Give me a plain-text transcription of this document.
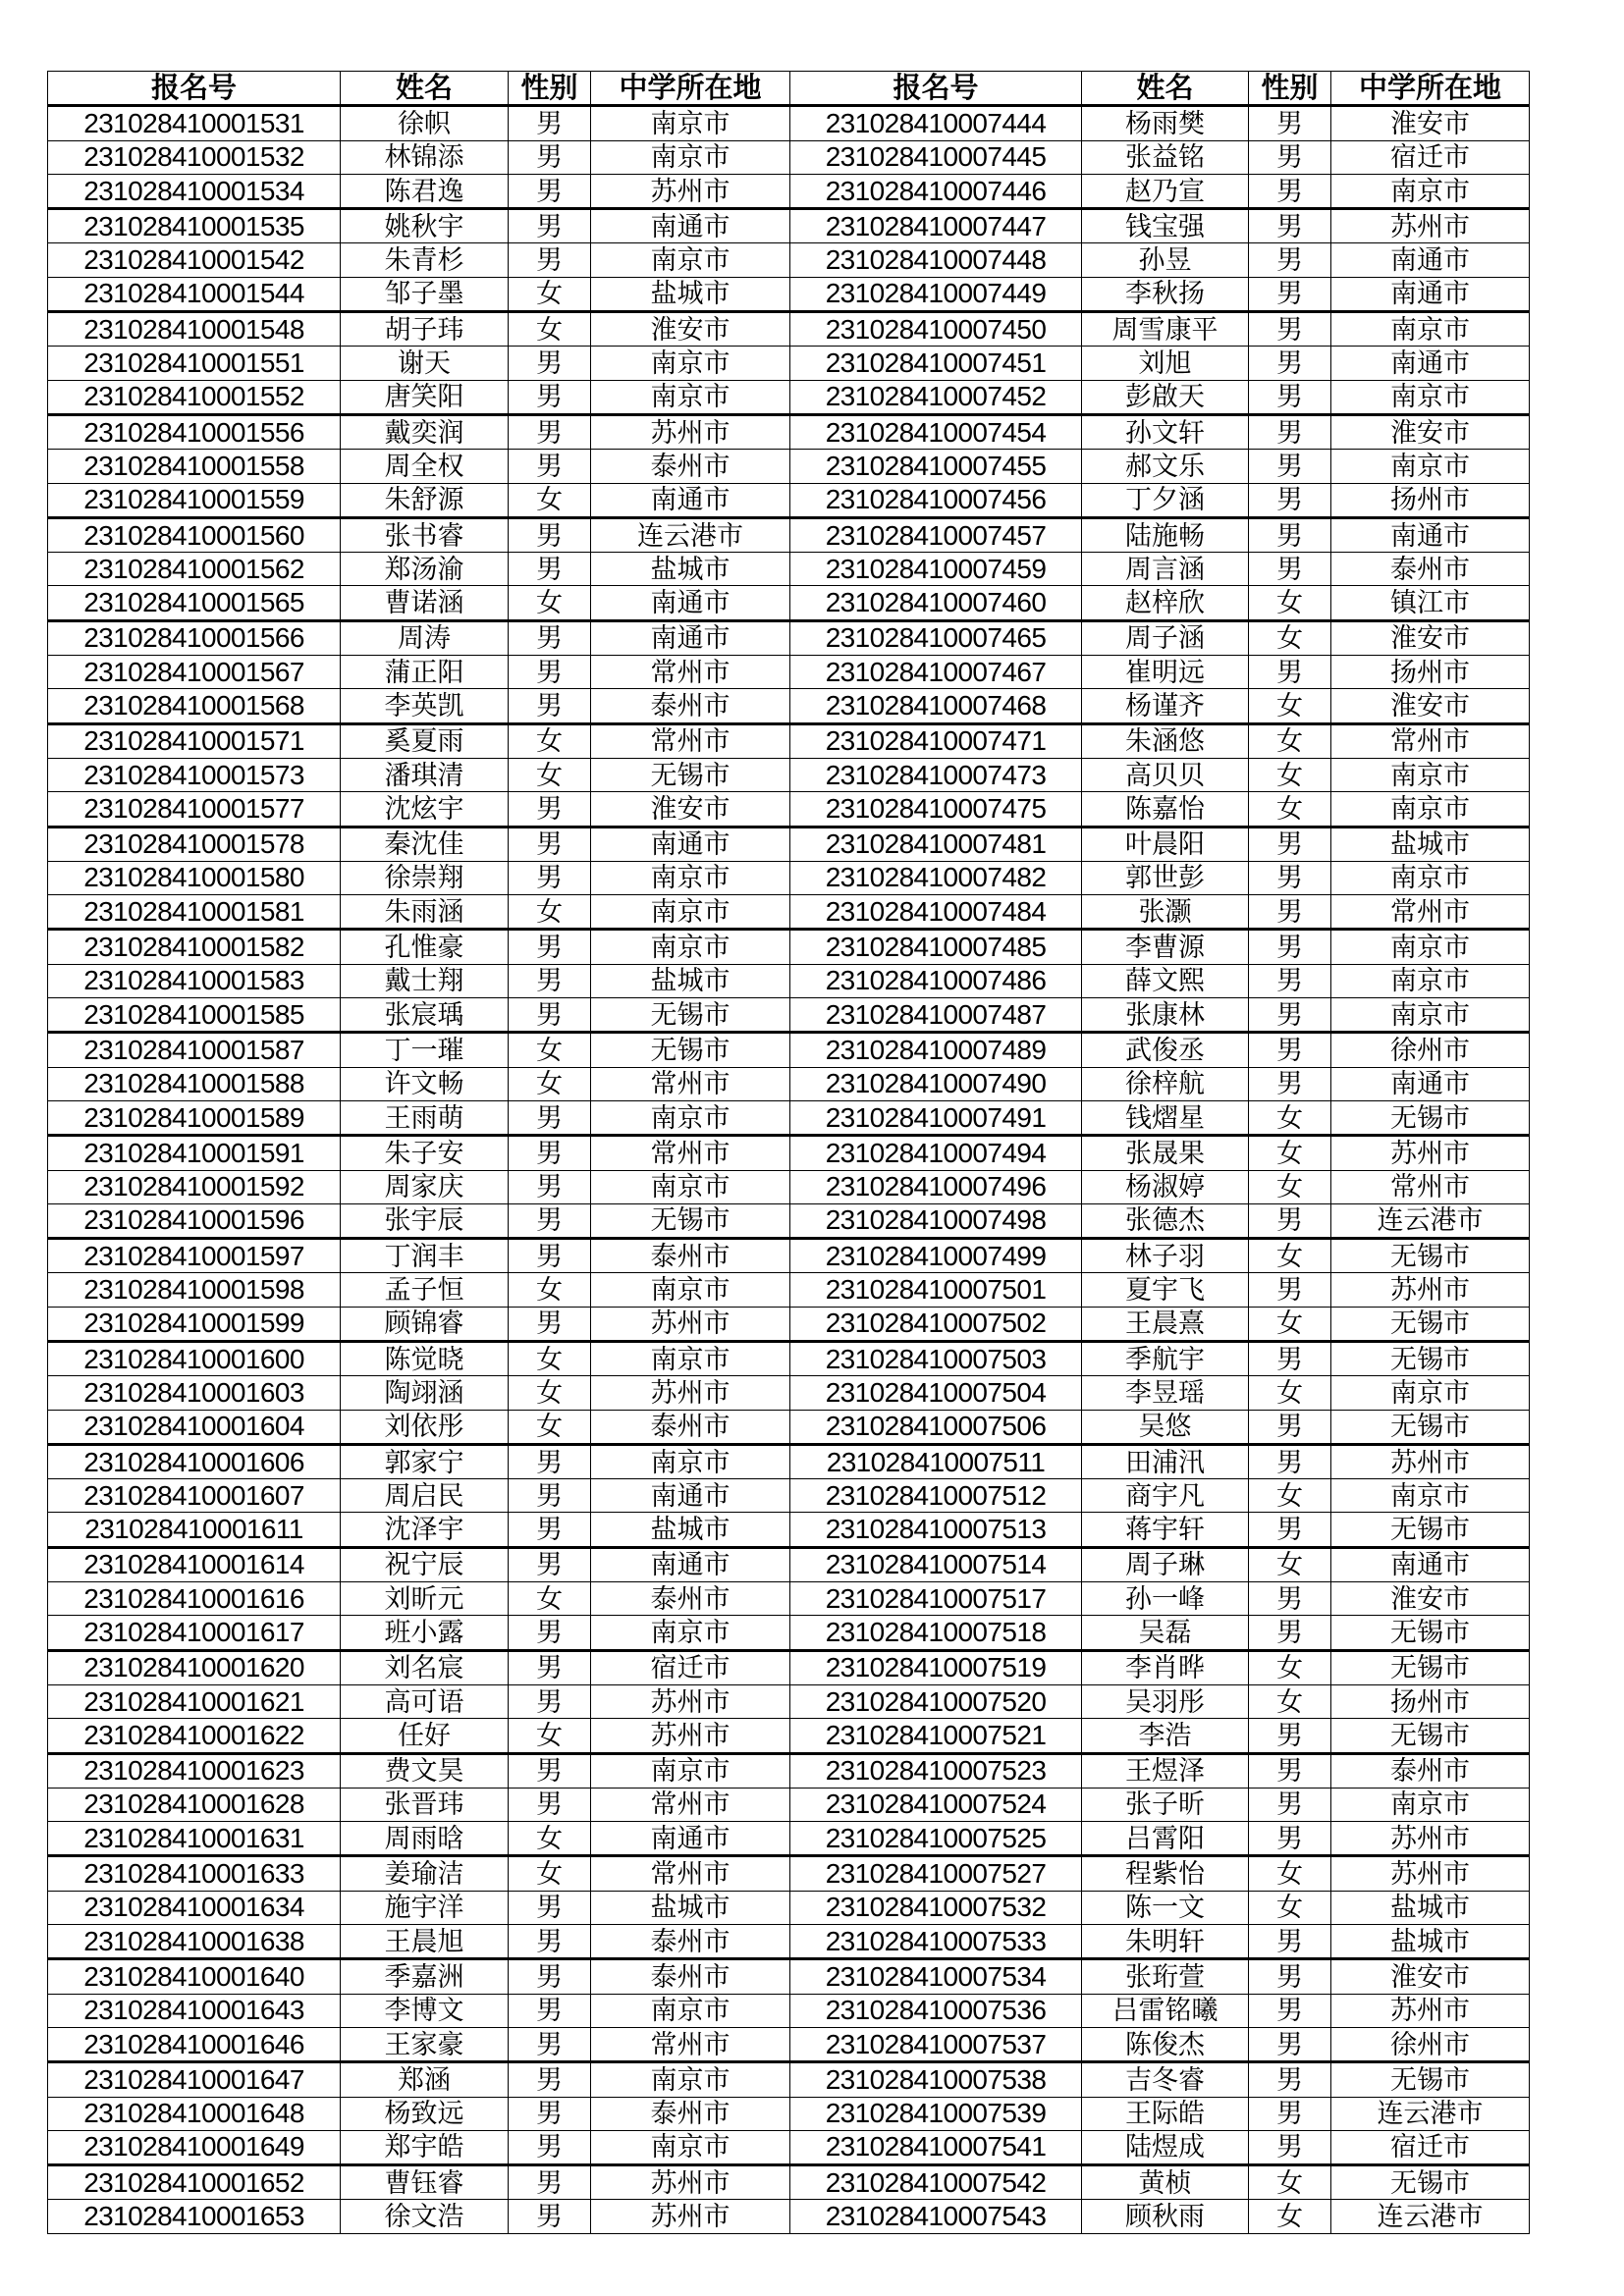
报名号	姓名	性别	中学所在地	报名号	姓名	性别	中学所在地
231028410001531	徐帜	男	南京市	231028410007444	杨雨樊	男	淮安市
231028410001532	林锦添	男	南京市	231028410007445	张益铭	男	宿迁市
231028410001534	陈君逸	男	苏州市	231028410007446	赵乃宣	男	南京市
231028410001535	姚秋宇	男	南通市	231028410007447	钱宝强	男	苏州市
231028410001542	朱青杉	男	南京市	231028410007448	孙昱	男	南通市
231028410001544	邹子墨	女	盐城市	231028410007449	李秋扬	男	南通市
231028410001548	胡子玮	女	淮安市	231028410007450	周雪康平	男	南京市
231028410001551	谢天	男	南京市	231028410007451	刘旭	男	南通市
231028410001552	唐笑阳	男	南京市	231028410007452	彭啟天	男	南京市
231028410001556	戴奕润	男	苏州市	231028410007454	孙文轩	男	淮安市
231028410001558	周全权	男	泰州市	231028410007455	郝文乐	男	南京市
231028410001559	朱舒源	女	南通市	231028410007456	丁夕涵	男	扬州市
231028410001560	张书睿	男	连云港市	231028410007457	陆施畅	男	南通市
231028410001562	郑汤渝	男	盐城市	231028410007459	周言涵	男	泰州市
231028410001565	曹诺涵	女	南通市	231028410007460	赵梓欣	女	镇江市
231028410001566	周涛	男	南通市	231028410007465	周子涵	女	淮安市
231028410001567	蒲正阳	男	常州市	231028410007467	崔明远	男	扬州市
231028410001568	李英凯	男	泰州市	231028410007468	杨谨齐	女	淮安市
231028410001571	奚夏雨	女	常州市	231028410007471	朱涵悠	女	常州市
231028410001573	潘琪清	女	无锡市	231028410007473	高贝贝	女	南京市
231028410001577	沈炫宇	男	淮安市	231028410007475	陈嘉怡	女	南京市
231028410001578	秦沈佳	男	南通市	231028410007481	叶晨阳	男	盐城市
231028410001580	徐崇翔	男	南京市	231028410007482	郭世彭	男	南京市
231028410001581	朱雨涵	女	南京市	231028410007484	张灏	男	常州市
231028410001582	孔惟豪	男	南京市	231028410007485	李曹源	男	南京市
231028410001583	戴士翔	男	盐城市	231028410007486	薛文熙	男	南京市
231028410001585	张宸瑀	男	无锡市	231028410007487	张康林	男	南京市
231028410001587	丁一璀	女	无锡市	231028410007489	武俊丞	男	徐州市
231028410001588	许文畅	女	常州市	231028410007490	徐梓航	男	南通市
231028410001589	王雨萌	男	南京市	231028410007491	钱熠星	女	无锡市
231028410001591	朱子安	男	常州市	231028410007494	张晟果	女	苏州市
231028410001592	周家庆	男	南京市	231028410007496	杨淑婷	女	常州市
231028410001596	张宇辰	男	无锡市	231028410007498	张德杰	男	连云港市
231028410001597	丁润丰	男	泰州市	231028410007499	林子羽	女	无锡市
231028410001598	孟子恒	女	南京市	231028410007501	夏宇飞	男	苏州市
231028410001599	顾锦睿	男	苏州市	231028410007502	王晨熹	女	无锡市
231028410001600	陈觉晓	女	南京市	231028410007503	季航宇	男	无锡市
231028410001603	陶翊涵	女	苏州市	231028410007504	李昱瑶	女	南京市
231028410001604	刘依彤	女	泰州市	231028410007506	吴悠	男	无锡市
231028410001606	郭家宁	男	南京市	231028410007511	田浦汛	男	苏州市
231028410001607	周启民	男	南通市	231028410007512	商宇凡	女	南京市
231028410001611	沈泽宇	男	盐城市	231028410007513	蒋宇轩	男	无锡市
231028410001614	祝宁辰	男	南通市	231028410007514	周子琳	女	南通市
231028410001616	刘昕元	女	泰州市	231028410007517	孙一峰	男	淮安市
231028410001617	班小露	男	南京市	231028410007518	吴磊	男	无锡市
231028410001620	刘名宸	男	宿迁市	231028410007519	李肖晔	女	无锡市
231028410001621	高可语	男	苏州市	231028410007520	吴羽彤	女	扬州市
231028410001622	任好	女	苏州市	231028410007521	李浩	男	无锡市
231028410001623	费文昊	男	南京市	231028410007523	王煜泽	男	泰州市
231028410001628	张晋玮	男	常州市	231028410007524	张子昕	男	南京市
231028410001631	周雨晗	女	南通市	231028410007525	吕霄阳	男	苏州市
231028410001633	姜瑜洁	女	常州市	231028410007527	程紫怡	女	苏州市
231028410001634	施宇洋	男	盐城市	231028410007532	陈一文	女	盐城市
231028410001638	王晨旭	男	泰州市	231028410007533	朱明轩	男	盐城市
231028410001640	季嘉洲	男	泰州市	231028410007534	张珩萱	男	淮安市
231028410001643	李博文	男	南京市	231028410007536	吕雷铭曦	男	苏州市
231028410001646	王家豪	男	常州市	231028410007537	陈俊杰	男	徐州市
231028410001647	郑涵	男	南京市	231028410007538	吉冬睿	男	无锡市
231028410001648	杨致远	男	泰州市	231028410007539	王际皓	男	连云港市
231028410001649	郑宇皓	男	南京市	231028410007541	陆煜成	男	宿迁市
231028410001652	曹钰睿	男	苏州市	231028410007542	黄桢	女	无锡市
231028410001653	徐文浩	男	苏州市	231028410007543	顾秋雨	女	连云港市
